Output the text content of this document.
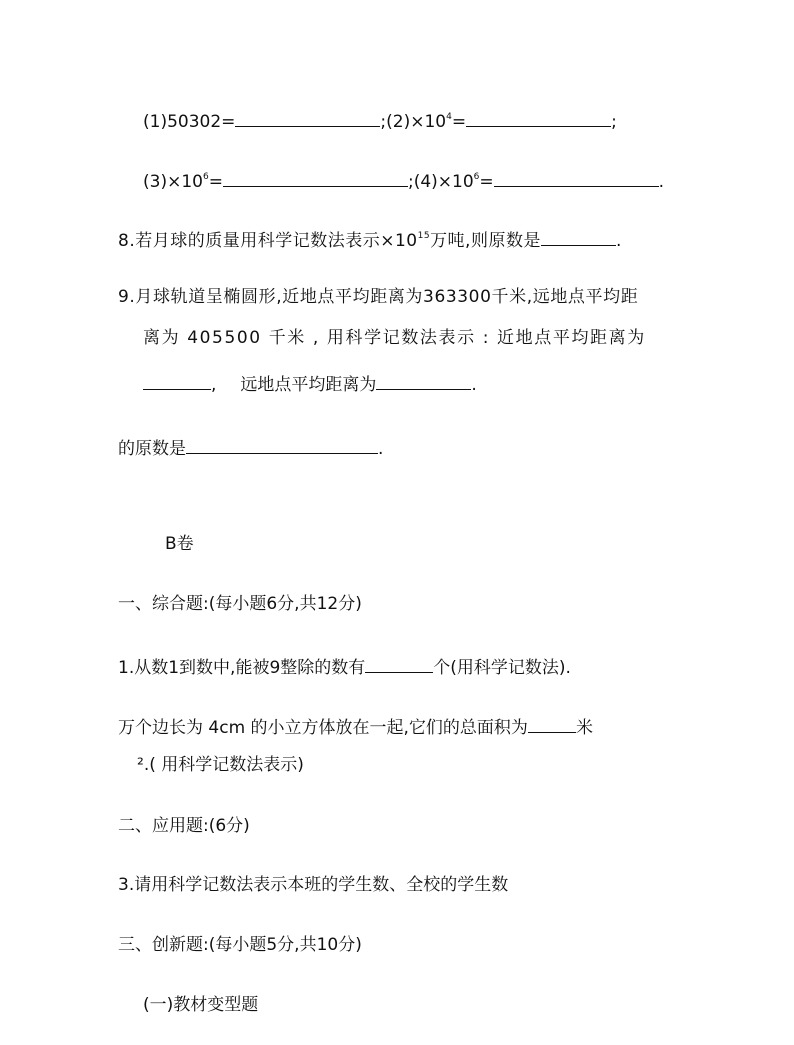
(1)50302=	$;(2)\times 10^4=$	;
$(3)\times 10^6=$	$;(4)\times 10^6=$	.
8.若月球的质量用科学记数法表示$\times 10^{15}$万吨,则原数是	.
9.月球轨道呈椭圆形,近地点平均距离为363300千米,远地点平均距
离为 405500 千米 , 用科学记数法表示 : 近地点平均距离为
, 远地点平均距离为	.
的原数是	.
B卷
一、综合题:(每小题6分,共12分)
1.从数1到数中,能被9整除的数有	个(用科学记数法).
万个边长为 4cm 的小立方体放在一起,它们的总面积为	米
².( 用科学记数法表示)
二、应用题:(6分)
3.请用科学记数法表示本班的学生数、全校的学生数
三、创新题:(每小题5分,共10分)
(一)教材变型题
